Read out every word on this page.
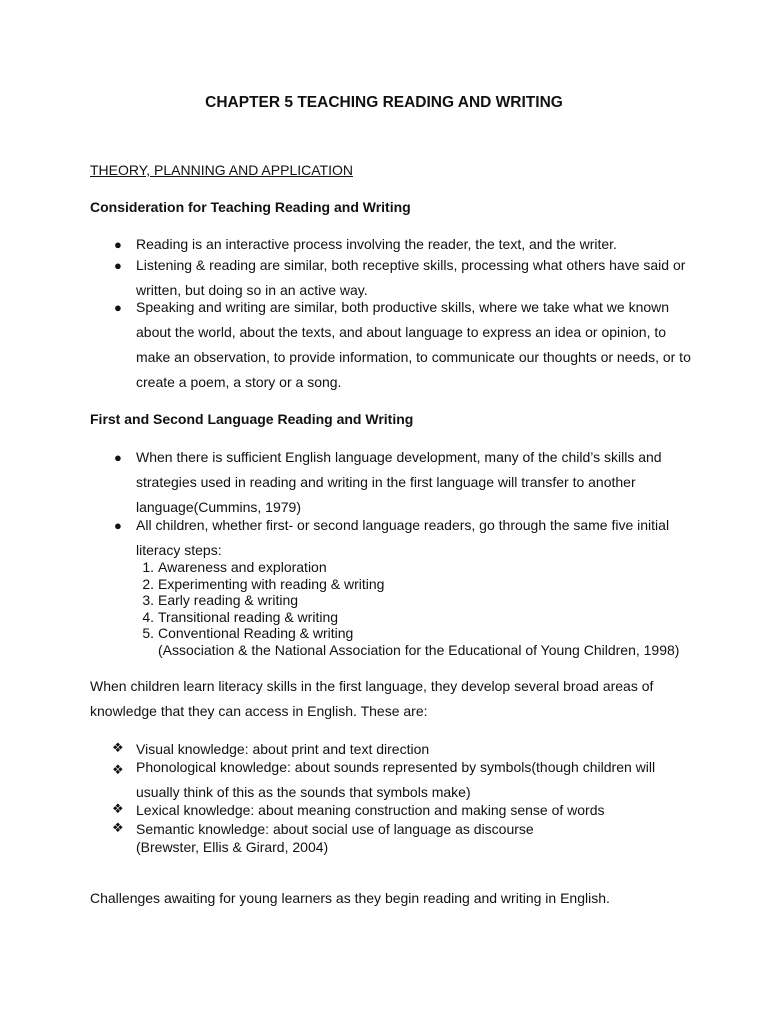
CHAPTER 5 TEACHING READING AND WRITING
THEORY, PLANNING AND APPLICATION
Consideration for Teaching Reading and Writing
● Reading is an interactive process involving the reader, the text, and the writer.
● Listening & reading are similar, both receptive skills, processing what others have said or written, but doing so in an active way.
● Speaking and writing are similar, both productive skills, where we take what we known about the world, about the texts, and about language to express an idea or opinion, to make an observation, to provide information, to communicate our thoughts or needs, or to create a poem, a story or a song.
First and Second Language Reading and Writing
● When there is sufficient English language development, many of the child’s skills and strategies used in reading and writing in the first language will transfer to another language(Cummins, 1979)
● All children, whether first- or second language readers, go through the same five initial literacy steps:
1. Awareness and exploration
2. Experimenting with reading & writing
3. Early reading & writing
4. Transitional reading & writing
5. Conventional Reading & writing
(Association & the National Association for the Educational of Young Children, 1998)
When children learn literacy skills in the first language, they develop several broad areas of knowledge that they can access in English. These are:
❖ Visual knowledge: about print and text direction
❖ Phonological knowledge: about sounds represented by symbols(though children will usually think of this as the sounds that symbols make)
❖ Lexical knowledge: about meaning construction and making sense of words
❖ Semantic knowledge: about social use of language as discourse
(Brewster, Ellis & Girard, 2004)
Challenges awaiting for young learners as they begin reading and writing in English.
